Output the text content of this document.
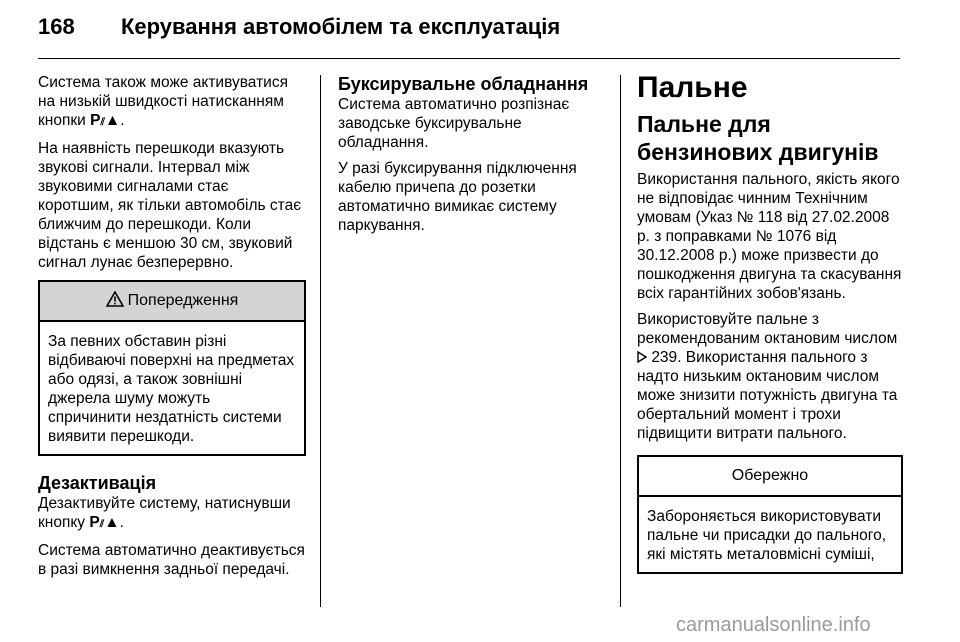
168 Керування автомобілем та експлуатація

Система також може активуватися на низькій швидкості натисканням кнопки P⫽▲.

На наявність перешкоди вказують звукові сигнали. Інтервал між звуковими сигналами стає коротшим, як тільки автомобіль стає ближчим до перешкоди. Коли відстань є меншою 30 см, звуковий сигнал лунає безперервно.

Попередження
За певних обставин різні відбиваючі поверхні на предметах або одязі, а також зовнішні джерела шуму можуть спричинити нездатність системи виявити перешкоди.
Дезактивація

Дезактивуйте систему, натиснувши кнопку P⫽▲.

Система автоматично деактивується в разі вимкнення задньої передачі.

Буксирувальне обладнання

Система автоматично розпізнає заводське буксирувальне обладнання.

У разі буксирування підключення кабелю причепа до розетки автоматично вимикає систему паркування.

Пальне
Пальне для бензинових двигунів

Використання пального, якість якого не відповідає чинним Технічним умовам (Указ № 118 від 27.02.2008 р. з поправками № 1076 від 30.12.2008 р.) може призвести до пошкодження двигуна та скасування всіх гарантійних зобов'язань.

Використовуйте пальне з рекомендованим октановим числом  239. Використання пального з надто низьким октановим числом може знизити потужність двигуна та обертальний момент і трохи підвищити витрати пального.

Обережно
Забороняється використовувати пальне чи присадки до пального, які містять металовмісні суміші,
carmanualsonline.info
